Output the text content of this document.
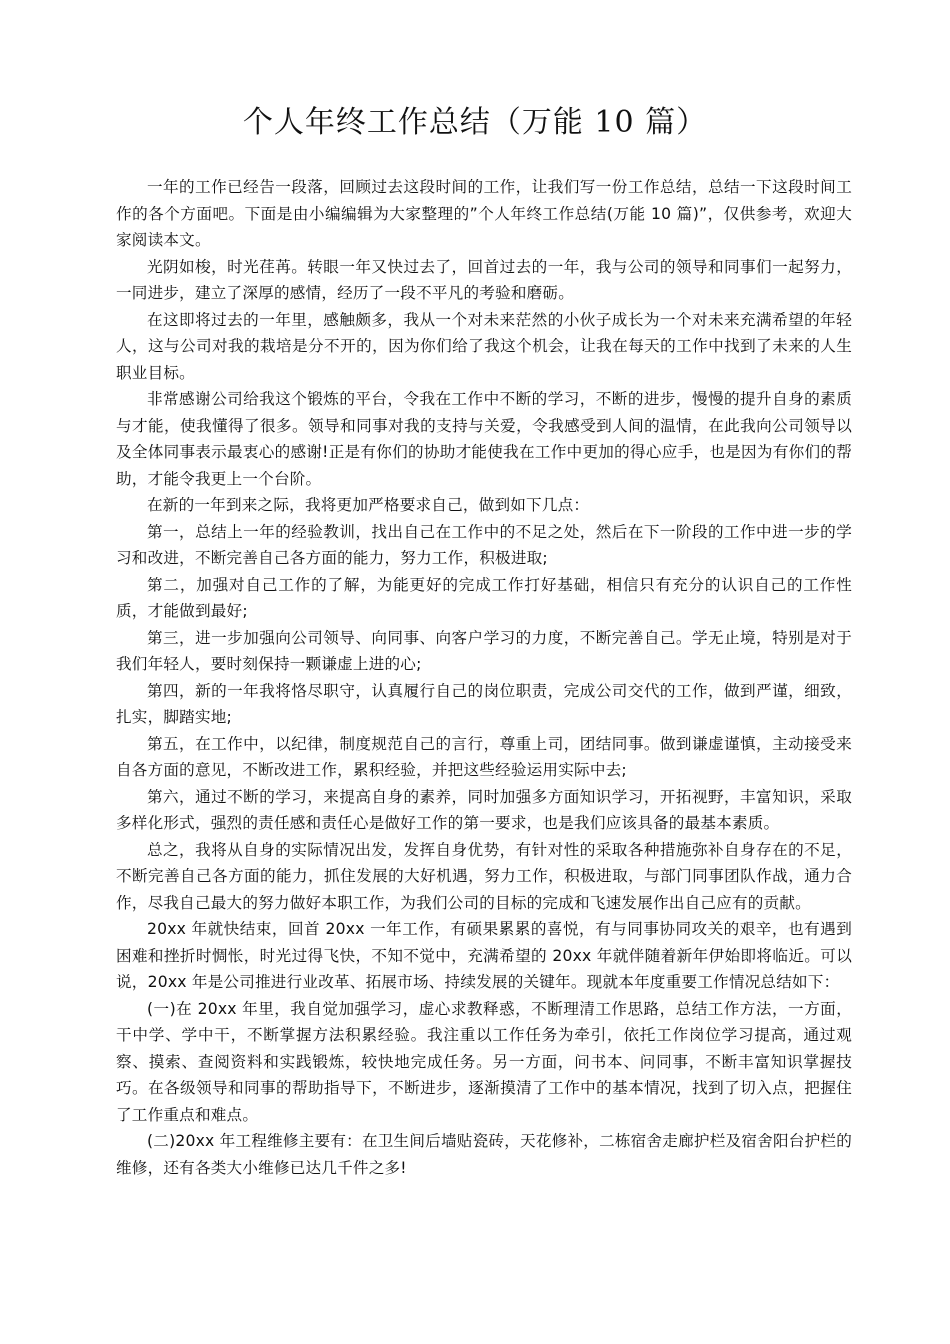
个人年终工作总结（万能 10 篇）

一年的工作已经告一段落，回顾过去这段时间的工作，让我们写一份工作总结，总结一下这段时间工作的各个方面吧。下面是由小编编辑为大家整理的”个人年终工作总结(万能 10 篇)”，仅供参考，欢迎大家阅读本文。

光阴如梭，时光荏苒。转眼一年又快过去了，回首过去的一年，我与公司的领导和同事们一起努力，一同进步，建立了深厚的感情，经历了一段不平凡的考验和磨砺。

在这即将过去的一年里，感触颇多，我从一个对未来茫然的小伙子成长为一个对未来充满希望的年轻人，这与公司对我的栽培是分不开的，因为你们给了我这个机会，让我在每天的工作中找到了未来的人生职业目标。

非常感谢公司给我这个锻炼的平台，令我在工作中不断的学习，不断的进步，慢慢的提升自身的素质与才能，使我懂得了很多。领导和同事对我的支持与关爱，令我感受到人间的温情，在此我向公司领导以及全体同事表示最衷心的感谢!正是有你们的协助才能使我在工作中更加的得心应手，也是因为有你们的帮助，才能令我更上一个台阶。

在新的一年到来之际，我将更加严格要求自己，做到如下几点：

第一，总结上一年的经验教训，找出自己在工作中的不足之处，然后在下一阶段的工作中进一步的学习和改进，不断完善自己各方面的能力，努力工作，积极进取;

第二，加强对自己工作的了解，为能更好的完成工作打好基础，相信只有充分的认识自己的工作性质，才能做到最好;

第三，进一步加强向公司领导、向同事、向客户学习的力度，不断完善自己。学无止境，特别是对于我们年轻人，要时刻保持一颗谦虚上进的心;

第四，新的一年我将恪尽职守，认真履行自己的岗位职责，完成公司交代的工作，做到严谨，细致，扎实，脚踏实地;

第五，在工作中，以纪律，制度规范自己的言行，尊重上司，团结同事。做到谦虚谨慎，主动接受来自各方面的意见，不断改进工作，累积经验，并把这些经验运用实际中去;

第六，通过不断的学习，来提高自身的素养，同时加强多方面知识学习，开拓视野，丰富知识，采取多样化形式，强烈的责任感和责任心是做好工作的第一要求，也是我们应该具备的最基本素质。

总之，我将从自身的实际情况出发，发挥自身优势，有针对性的采取各种措施弥补自身存在的不足，不断完善自己各方面的能力，抓住发展的大好机遇，努力工作，积极进取，与部门同事团队作战，通力合作，尽我自己最大的努力做好本职工作，为我们公司的目标的完成和飞速发展作出自己应有的贡献。

20xx 年就快结束，回首 20xx 一年工作，有硕果累累的喜悦，有与同事协同攻关的艰辛，也有遇到困难和挫折时惆怅，时光过得飞快，不知不觉中，充满希望的 20xx 年就伴随着新年伊始即将临近。可以说，20xx 年是公司推进行业改革、拓展市场、持续发展的关键年。现就本年度重要工作情况总结如下：

(一)在 20xx 年里，我自觉加强学习，虚心求教释惑，不断理清工作思路，总结工作方法，一方面，干中学、学中干，不断掌握方法积累经验。我注重以工作任务为牵引，依托工作岗位学习提高，通过观察、摸索、查阅资料和实践锻炼，较快地完成任务。另一方面，问书本、问同事，不断丰富知识掌握技巧。在各级领导和同事的帮助指导下，不断进步，逐渐摸清了工作中的基本情况，找到了切入点，把握住了工作重点和难点。

(二)20xx 年工程维修主要有：在卫生间后墙贴瓷砖，天花修补，二栋宿舍走廊护栏及宿舍阳台护栏的维修，还有各类大小维修已达几千件之多!
